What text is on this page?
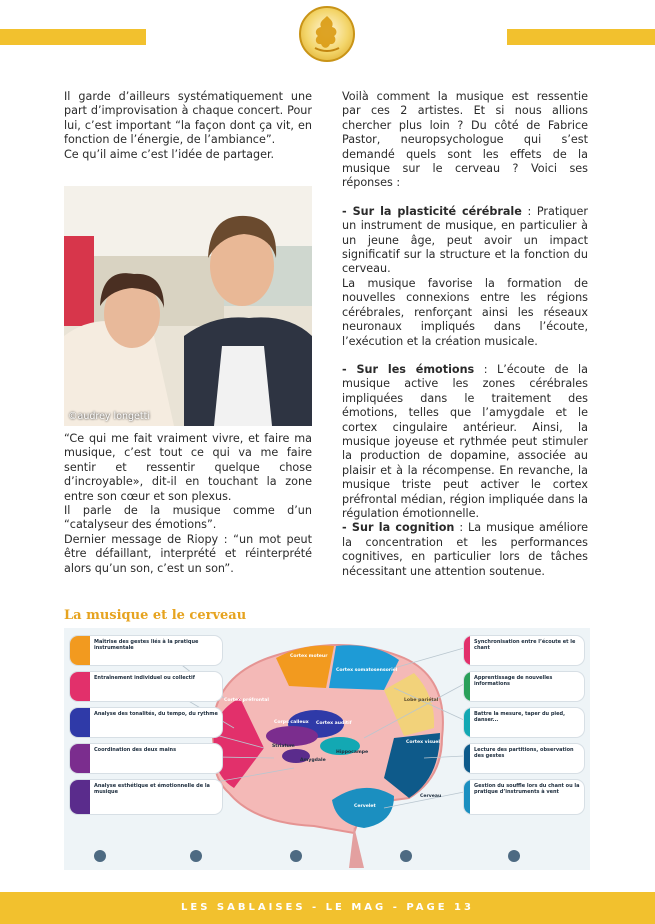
Il garde d’ailleurs systématiquement une part d’improvisation à chaque concert. Pour lui, c’est important “la façon dont ça vit, en fonction de l’énergie, de l’ambiance”.

Ce qu’il aime c’est l’idée de partager.

©audrey longetti

“Ce qui me fait vraiment vivre, et faire ma musique, c’est tout ce qui va me faire sentir et ressentir quelque chose d’incroyable», dit-il en touchant la zone entre son cœur et son plexus.

Il parle de la musique comme d’un “catalyseur des émotions”.

Dernier message de Riopy : “un mot peut être défaillant, interprété et réinterprété alors qu’un son, c’est un son”.

Voilà comment la musique est ressentie par ces 2 artistes. Et si nous allions chercher plus loin ? Du côté de Fabrice Pastor, neuropsychologue qui s’est demandé quels sont les effets de la musique sur le cerveau ? Voici ses réponses :

- Sur la plasticité cérébrale : Pratiquer un instrument de musique, en particulier à un jeune âge, peut avoir un impact significatif sur la structure et la fonction du cerveau.

La musique favorise la formation de nouvelles connexions entre les régions cérébrales, renforçant ainsi les réseaux neuronaux impliqués dans l’écoute, l’exécution et la création musicale.

- Sur les émotions : L’écoute de la musique active les zones cérébrales impliquées dans le traitement des émotions, telles que l’amygdale et le cortex cingulaire antérieur. Ainsi, la musique joyeuse et rythmée peut stimuler la production de dopamine, associée au plaisir et à la récompense. En revanche, la musique triste peut activer le cortex préfrontal médian, région impliquée dans la régulation émotionnelle.

- Sur la cognition : La musique améliore la concentration et les performances cognitives, en particulier lors de tâches nécessitant une attention soutenue.

La musique et le cerveau
Maîtrise des gestes liés à la pratique instrumentale
Entraînement individuel ou collectif
Analyse des tonalités, du tempo, du rythme
Coordination des deux mains
Analyse esthétique et émotionnelle de la musique
Synchronisation entre l’écoute et le chant
Apprentissage de nouvelles informations
Battre la mesure, taper du pied, danser...
Lecture des partitions, observation des gestes
Gestion du souffle lors du chant ou la pratique d’instruments à vent
Cortex moteur
Cortex somatosensoriel
Cortex préfrontal	Lobe pariétal
Corps calleux Cortex auditif
Striatum
Hippocampe
Amygdale
Cortex visuel
Cervelet
Cerveau
LES SABLAISES - LE MAG - PAGE 13
